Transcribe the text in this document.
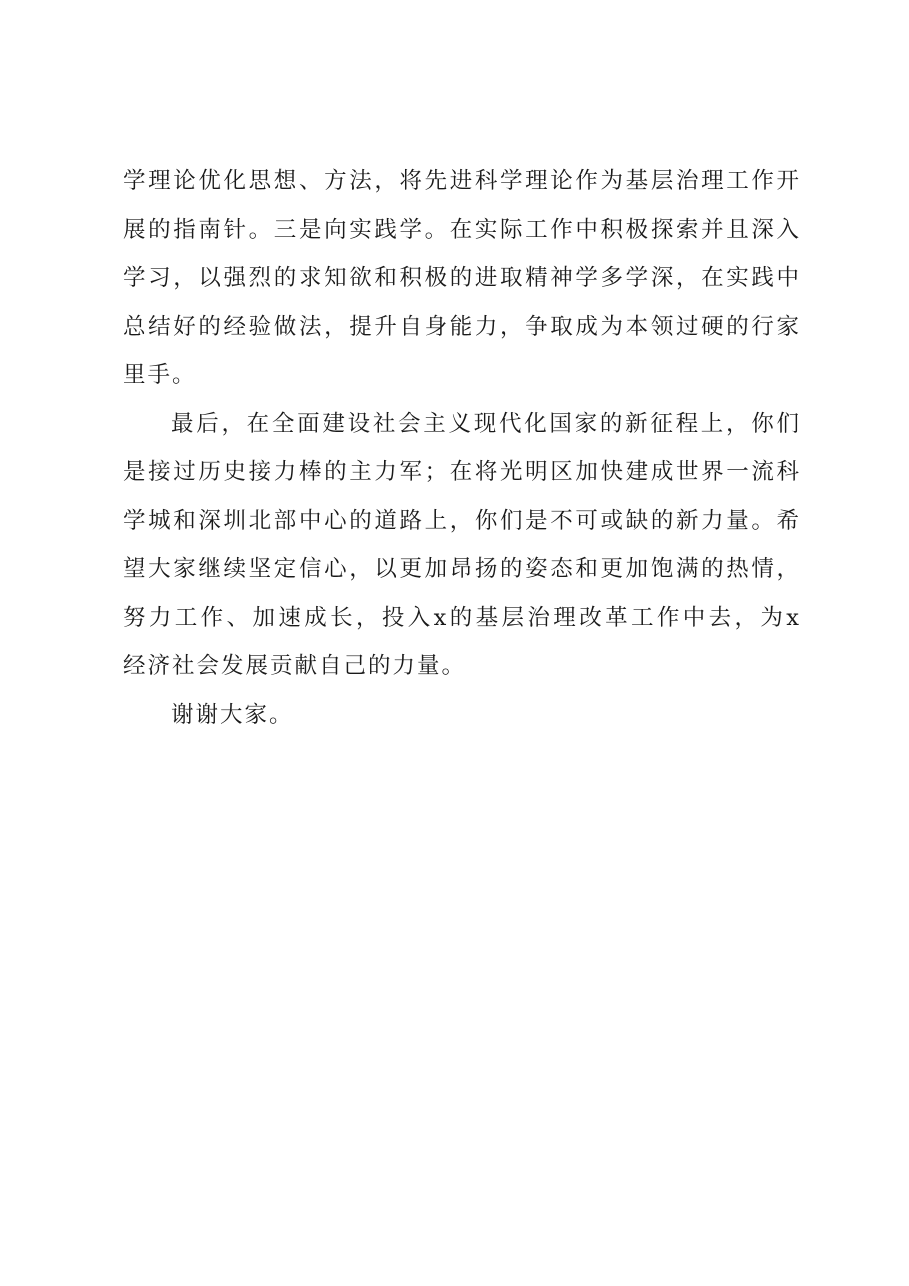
学理论优化思想、方法，将先进科学理论作为基层治理工作开
展的指南针。三是向实践学。在实际工作中积极探索并且深入
学习，以强烈的求知欲和积极的进取精神学多学深，在实践中
总结好的经验做法，提升自身能力，争取成为本领过硬的行家
里手。
最后，在全面建设社会主义现代化国家的新征程上，你们
是接过历史接力棒的主力军；在将光明区加快建成世界一流科
学城和深圳北部中心的道路上，你们是不可或缺的新力量。希
望大家继续坚定信心，以更加昂扬的姿态和更加饱满的热情，
努力工作、加速成长，投入x的基层治理改革工作中去，为x
经济社会发展贡献自己的力量。
谢谢大家。
